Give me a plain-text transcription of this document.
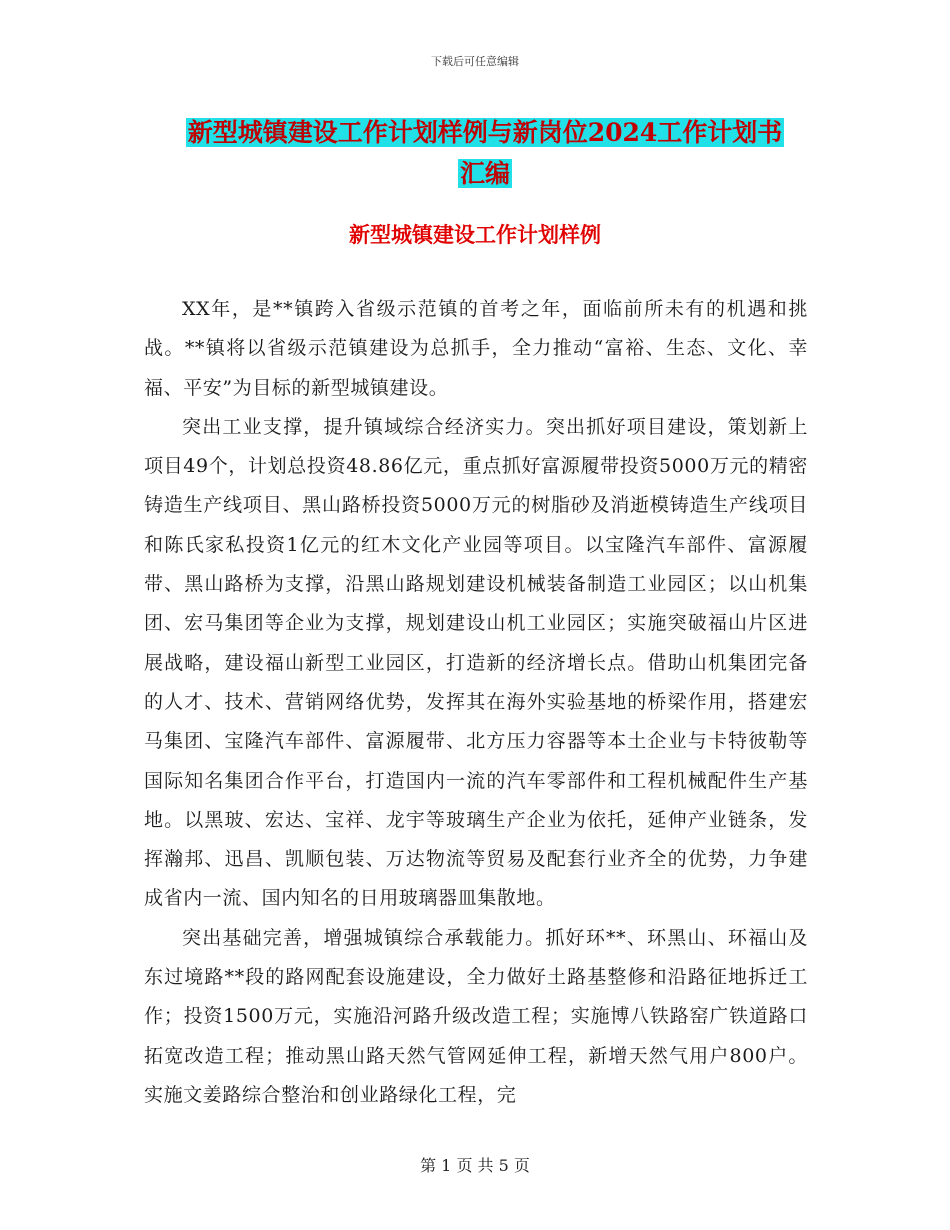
下载后可任意编辑
新型城镇建设工作计划样例与新岗位2024工作计划书
汇编
新型城镇建设工作计划样例

XX年，是**镇跨入省级示范镇的首考之年，面临前所未有的机遇和挑战。**镇将以省级示范镇建设为总抓手，全力推动“富裕、生态、文化、幸福、平安”为目标的新型城镇建设。

突出工业支撑，提升镇域综合经济实力。突出抓好项目建设，策划新上项目49个，计划总投资48.86亿元，重点抓好富源履带投资5000万元的精密铸造生产线项目、黑山路桥投资5000万元的树脂砂及消逝模铸造生产线项目和陈氏家私投资1亿元的红木文化产业园等项目。以宝隆汽车部件、富源履带、黑山路桥为支撑，沿黑山路规划建设机械装备制造工业园区；以山机集团、宏马集团等企业为支撑，规划建设山机工业园区；实施突破福山片区进展战略，建设福山新型工业园区，打造新的经济增长点。借助山机集团完备的人才、技术、营销网络优势，发挥其在海外实验基地的桥梁作用，搭建宏马集团、宝隆汽车部件、富源履带、北方压力容器等本土企业与卡特彼勒等国际知名集团合作平台，打造国内一流的汽车零部件和工程机械配件生产基地。以黑玻、宏达、宝祥、龙宇等玻璃生产企业为依托，延伸产业链条，发挥瀚邦、迅昌、凯顺包装、万达物流等贸易及配套行业齐全的优势，力争建成省内一流、国内知名的日用玻璃器皿集散地。

突出基础完善，增强城镇综合承载能力。抓好环**、环黑山、环福山及东过境路**段的路网配套设施建设，全力做好土路基整修和沿路征地拆迁工作；投资1500万元，实施沿河路升级改造工程；实施博八铁路窑广铁道路口拓宽改造工程；推动黑山路天然气管网延伸工程，新增天然气用户800户。实施文姜路综合整治和创业路绿化工程，完

第 1 页 共 5 页
